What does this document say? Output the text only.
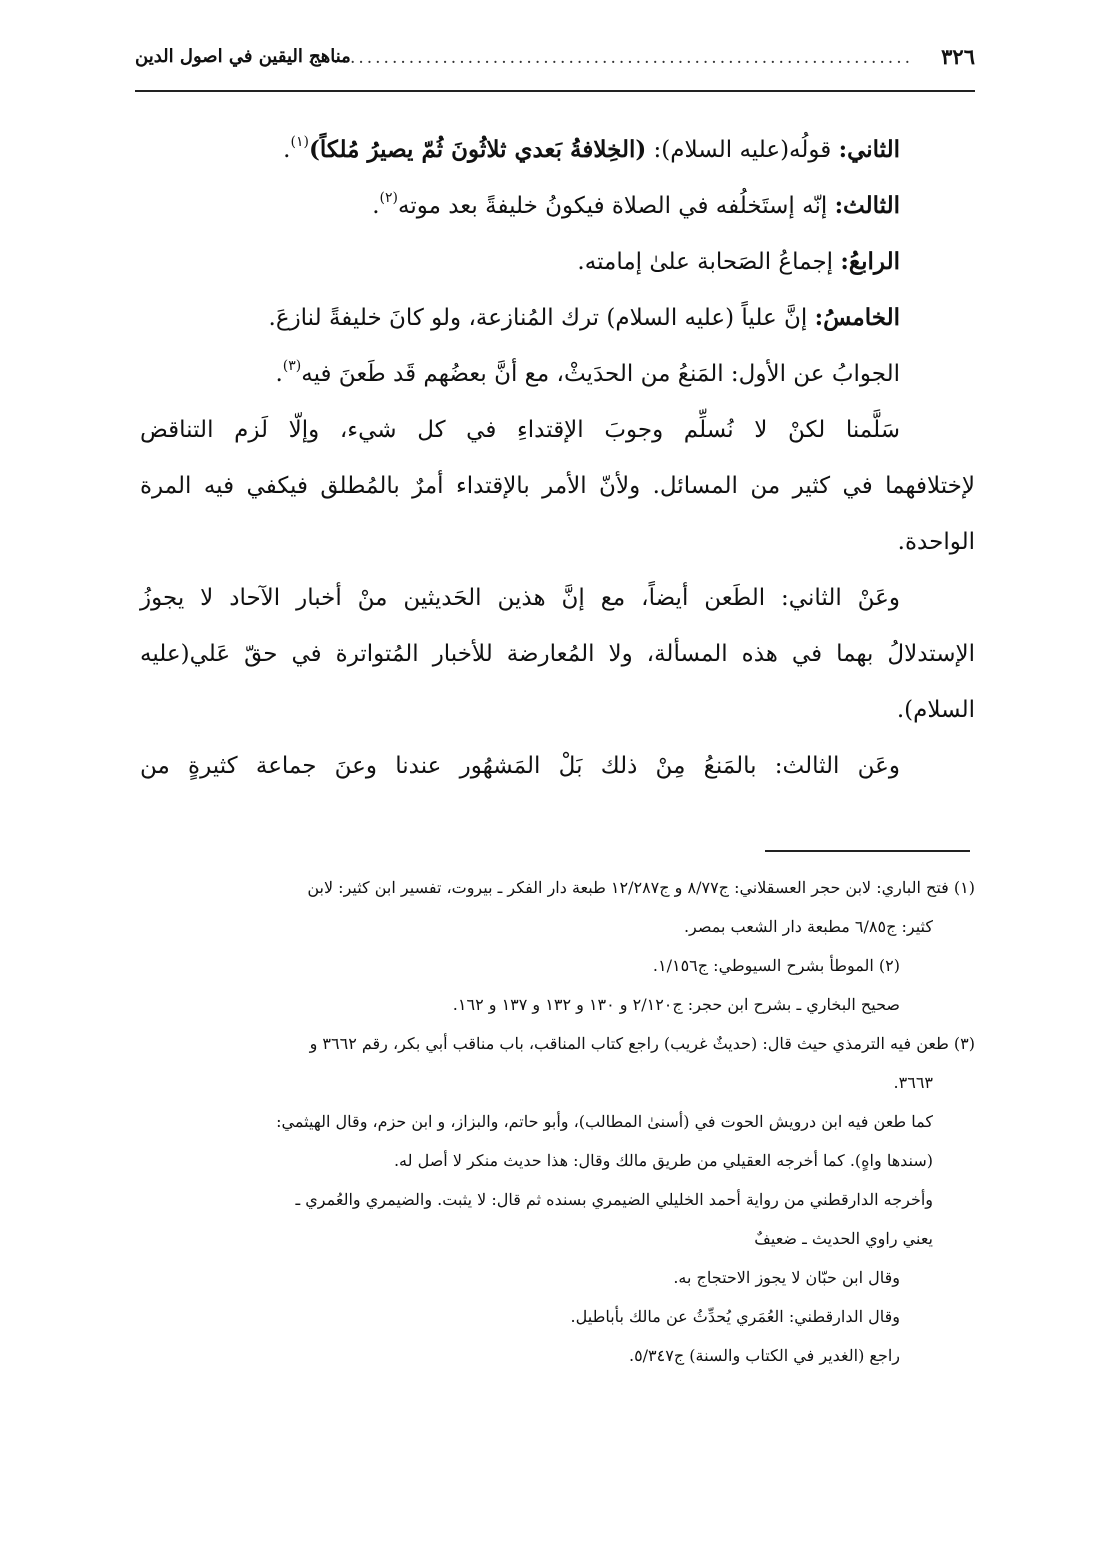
٣٢٦
........................................................................
مناهج اليقين في اصول الدين

الثاني: قولُه(عليه السلام): (الخِلافةُ بَعدي ثلاثُونَ ثُمّ يصيرُ مُلكاً)$^{(١)}$.

الثالث: إنّه إستَخلُفه في الصلاة فيكونُ خليفةً بعد موته$^{(٢)}$.

الرابعُ: إجماعُ الصَحابة علىٰ إمامته.

الخامسُ: إنَّ علياً (عليه السلام) ترك المُنازعة، ولو كانَ خليفةً لنازعَ.

الجوابُ عن الأول: المَنعُ من الحدَيثْ، مع أنَّ بعضُهم قَد طَعنَ فيه$^{(٣)}$.

سَلَّمنا لكنْ لا نُسلِّم وجوبَ الإقتداءِ في كل شيء، وإلّا لَزم التناقض

لإختلافهما في كثير من المسائل. ولأنّ الأمر بالإقتداء أمرٌ بالمُطلق فيكفي فيه المرة

الواحدة.

وعَنْ الثاني: الطَعن أيضاً، مع إنَّ هذين الحَديثين منْ أخبار الآحاد لا يجوزُ

الإستدلالُ بهما في هذه المسألة، ولا المُعارضة للأخبار المُتواترة في حقّ عَلي(عليه

السلام).

وعَن الثالث: بالمَنعُ مِنْ ذلك بَلْ المَشهُور عندنا وعنَ جماعة كثيرةٍ من

(١) فتح الباري: لابن حجر العسقلاني: ج٨/٧٧ و ج١٢/٢٨٧ طبعة دار الفكر ـ بيروت، تفسير ابن كثير: لابن

كثير: ج٦/٨٥ مطبعة دار الشعب بمصر.

(٢) الموطأ بشرح السيوطي: ج١/١٥٦.

صحيح البخاري ـ بشرح ابن حجر: ج٢/١٢٠ و ١٣٠ و ١٣٢ و ١٣٧ و ١٦٢.

(٣) طعن فيه الترمذي حيث قال: (حديثٌ غريب) راجع كتاب المناقب، باب مناقب أبي بكر، رقم ٣٦٦٢ و

٣٦٦٣.

كما طعن فيه ابن درويش الحوت في (أسنىٰ المطالب)، وأبو حاتم، والبزاز، و ابن حزم، وقال الهيثمي:

(سندها واهٍ). كما أخرجه العقيلي من طريق مالك وقال: هذا حديث منكر لا أصل له.

وأخرجه الدارقطني من رواية أحمد الخليلي الضيمري بسنده ثم قال: لا يثبت. والضيمري والعُمري ـ

يعني راوي الحديث ـ ضعيفٌ

وقال ابن حبّان لا يجوز الاحتجاج به.

وقال الدارقطني: العُمَري يُحدِّثُ عن مالك بأباطيل.

راجع (الغدير في الكتاب والسنة) ج٥/٣٤٧.
